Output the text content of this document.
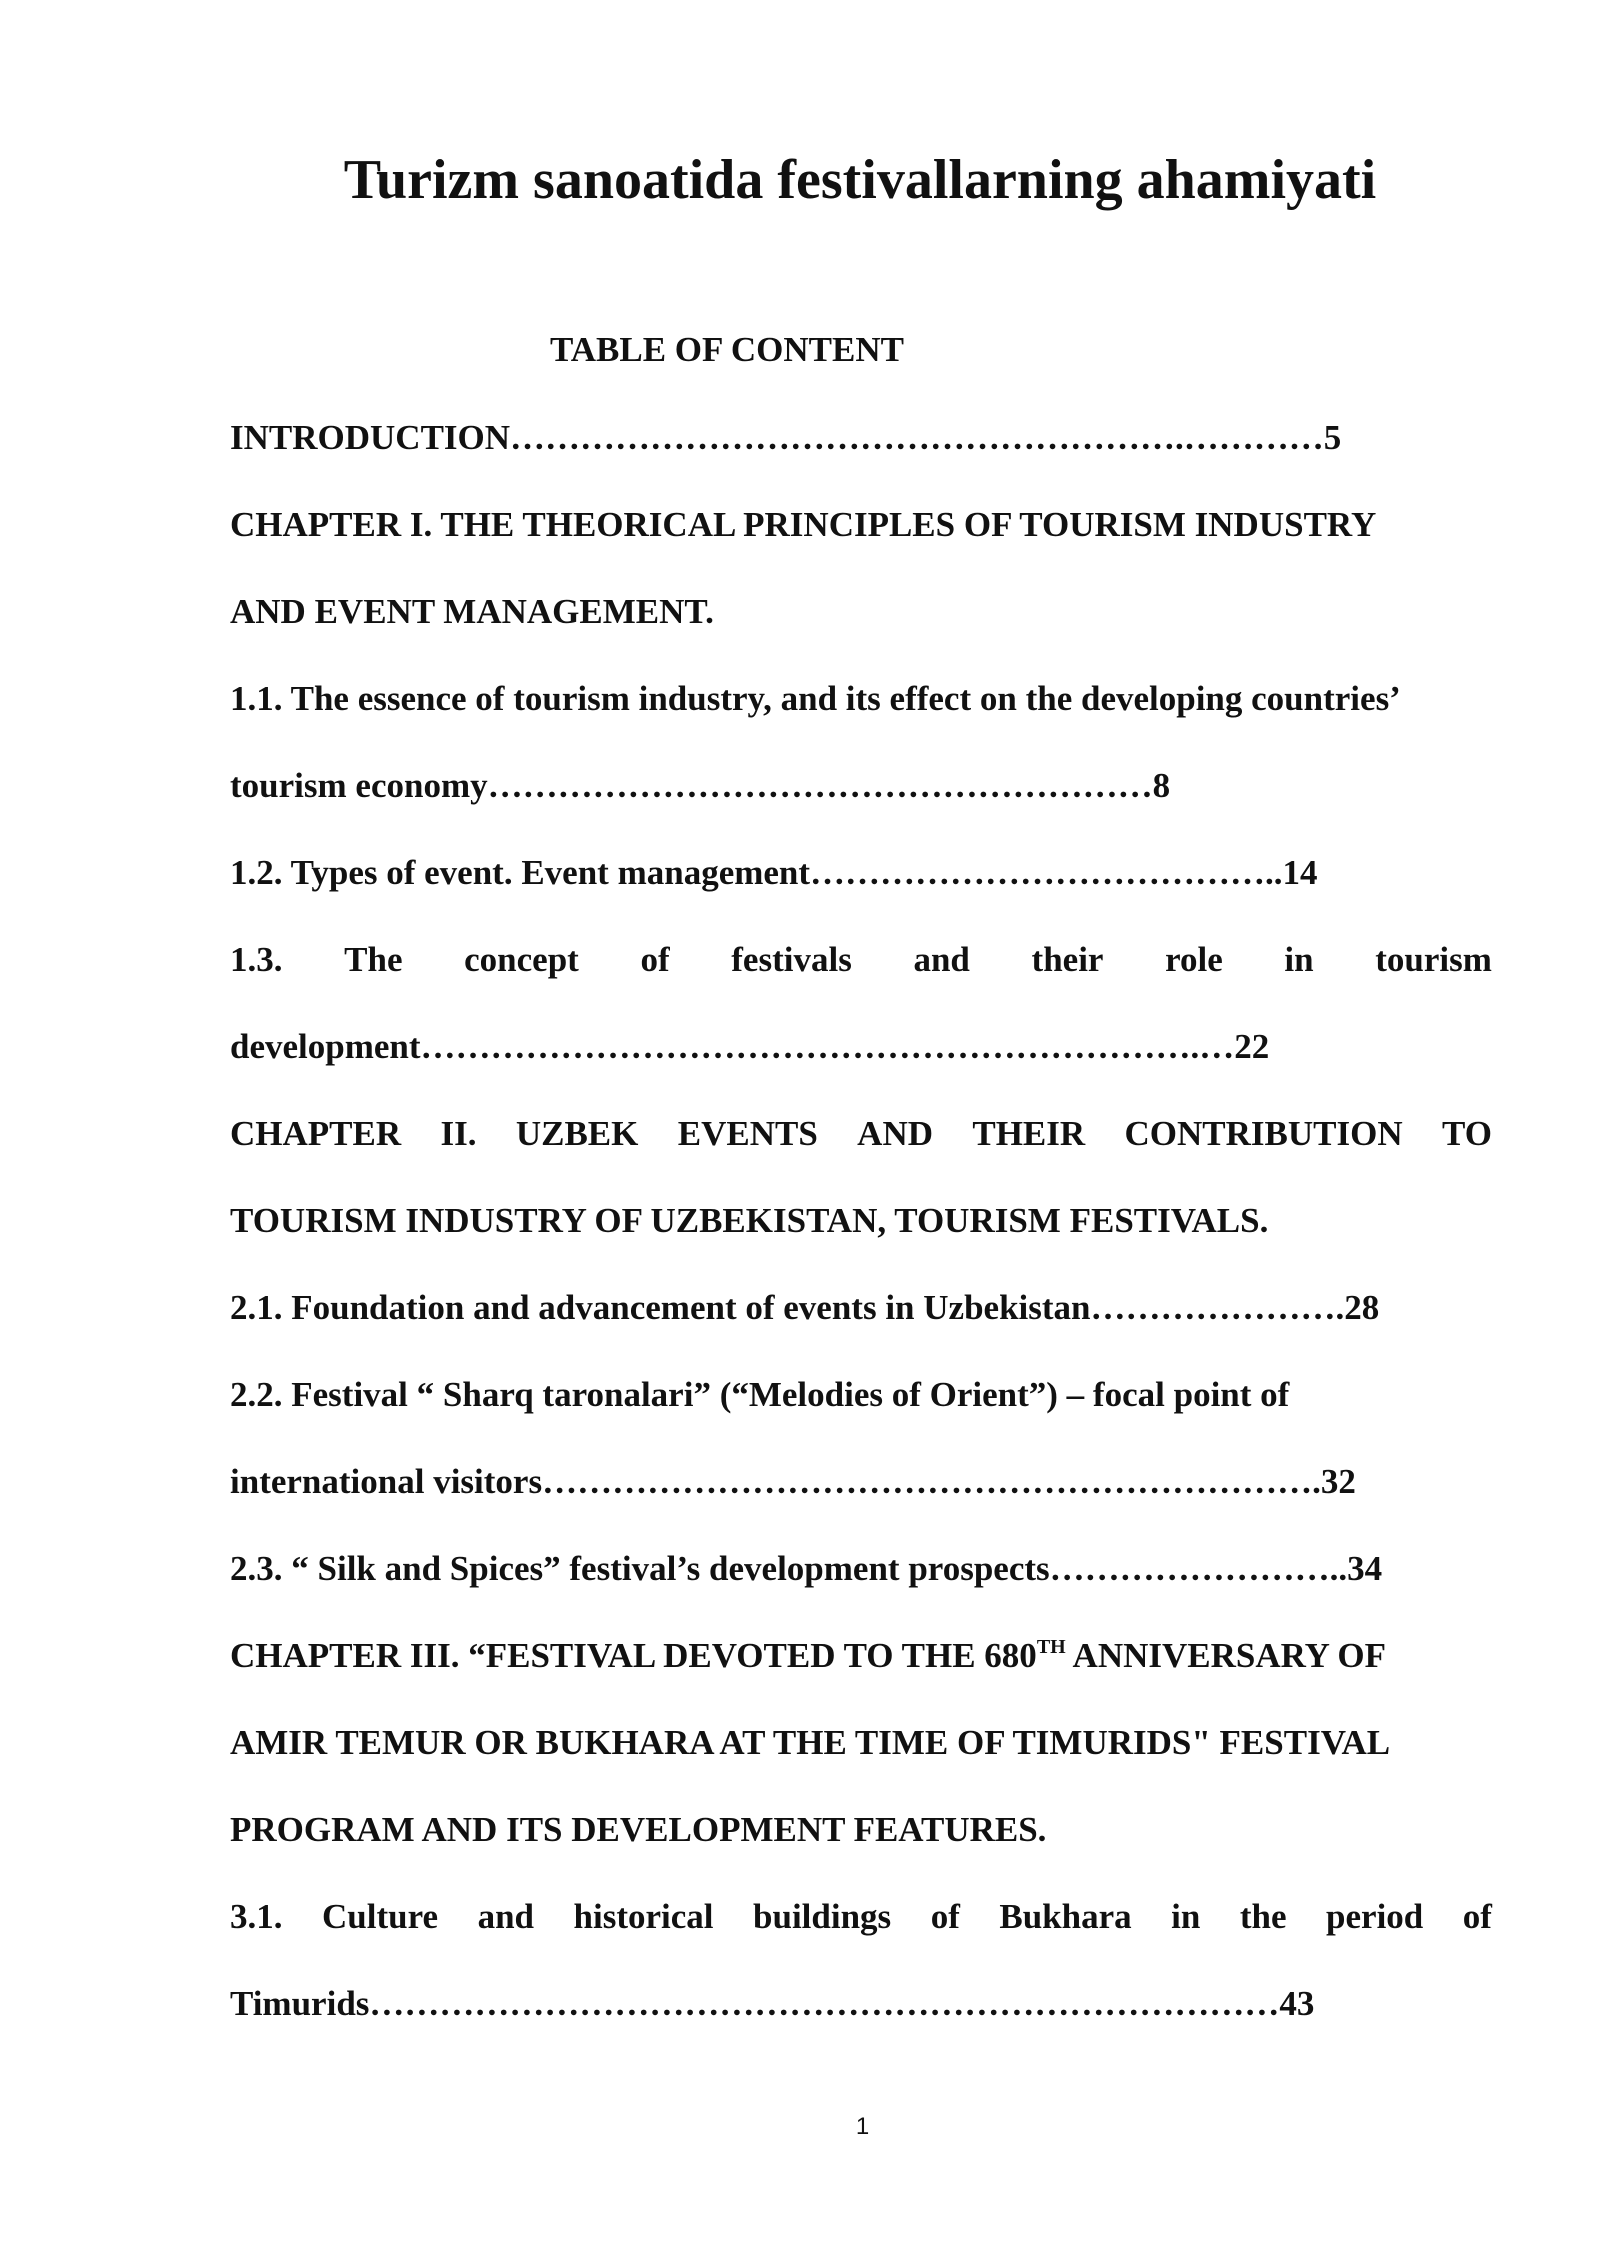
Turizm sanoatida festivallarning ahamiyati
TABLE OF CONTENT
INTRODUCTION………………………………………………….…………5
CHAPTER I. THE THEORICAL PRINCIPLES OF TOURISM INDUSTRY
AND EVENT MANAGEMENT.
1.1. The essence of tourism industry, and its effect on the developing countries’
tourism economy…………………………………………………8
1.2. Types of event. Event management…………………………………..14
1.3. The concept of festivals and their role in tourism
development………………………………………………………….…22
CHAPTER II. UZBEK EVENTS AND THEIR CONTRIBUTION TO
TOURISM INDUSTRY OF UZBEKISTAN, TOURISM FESTIVALS.
2.1. Foundation and advancement of events in Uzbekistan………………….28
2.2. Festival “ Sharq taronalari” (“Melodies of Orient”) – focal point of
international visitors………………………………………………………….32
2.3. “ Silk and Spices” festival’s development prospects……………………..34
CHAPTER III. “FESTIVAL DEVOTED TO THE 680TH ANNIVERSARY OF
AMIR TEMUR OR BUKHARA AT THE TIME OF TIMURIDS" FESTIVAL
PROGRAM AND ITS DEVELOPMENT FEATURES.
3.1. Culture and historical buildings of Bukhara in the period of
Timurids……………………………………………………………………43
1
